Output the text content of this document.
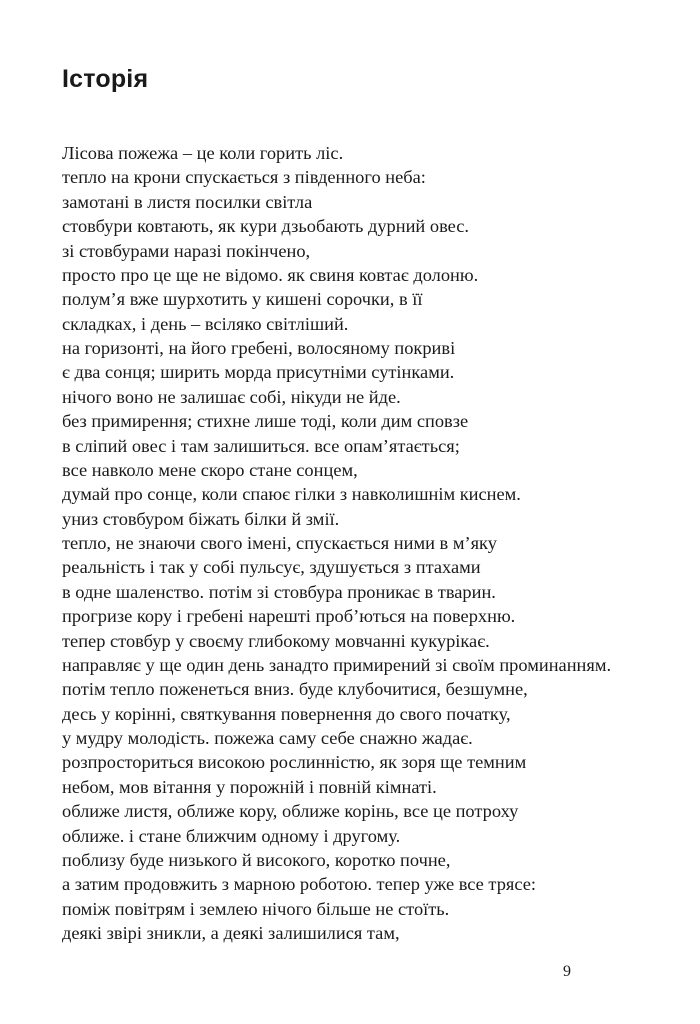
Історія
Лісова пожежа – це коли горить ліс.
тепло на крони спускається з південного неба:
замотані в листя посилки світла
стовбури ковтають, як кури дзьобають дурний овес.
зі стовбурами наразі покінчено,
просто про це ще не відомо. як свиня ковтає долоню.
полум’я вже шурхотить у кишені сорочки, в її
складках, і день – всіляко світліший.
на горизонті, на його гребені, волосяному покриві
є два сонця; ширить морда присутніми сутінками.
нічого воно не залишає собі, нікуди не йде.
без примирення; стихне лише тоді, коли дим сповзе
в сліпий овес і там залишиться. все опам’ятається;
все навколо мене скоро стане сонцем,
думай про сонце, коли спаює гілки з навколишнім киснем.
униз стовбуром біжать білки й змії.
тепло, не знаючи свого імені, спускається ними в м’яку
реальність і так у собі пульсує, здушується з птахами
в одне шаленство. потім зі стовбура проникає в тварин.
прогризе кору і гребені нарешті проб’ються на поверхню.
тепер стовбур у своєму глибокому мовчанні кукурікає.
направляє у ще один день занадто примирений зі своїм проминанням.
потім тепло поженеться вниз. буде клубочитися, безшумне,
десь у корінні, святкування повернення до свого початку,
у мудру молодість. пожежа саму себе снажно жадає.
розпросториться високою рослинністю, як зоря ще темним
небом, мов вітання у порожній і повній кімнаті.
оближе листя, оближе кору, оближе корінь, все це потроху
оближе. і стане ближчим одному і другому.
поблизу буде низького й високого, коротко почне,
а затим продовжить з марною роботою. тепер уже все трясе:
поміж повітрям і землею нічого більше не стоїть.
деякі звірі зникли, а деякі залишилися там,
9
